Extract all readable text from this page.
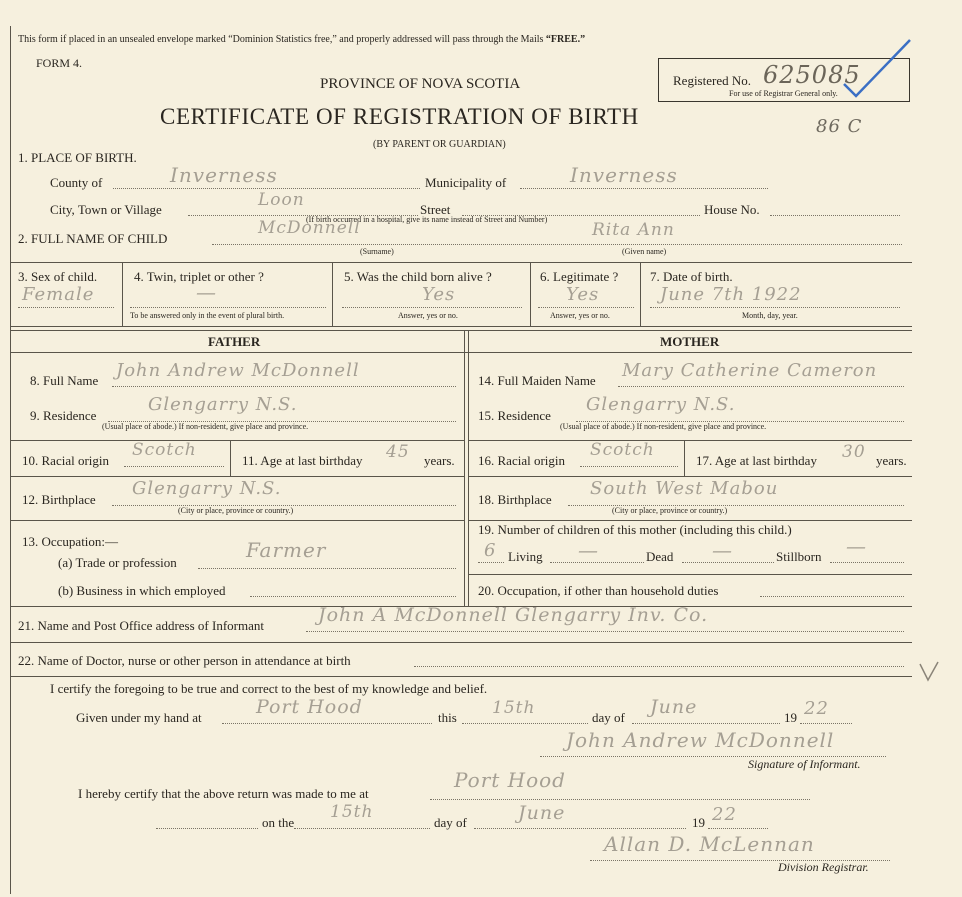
This form if placed in an unsealed envelope marked “Dominion Statistics free,” and properly addressed will pass through the Mails “FREE.”
FORM 4.
PROVINCE OF NOVA SCOTIA
CERTIFICATE OF REGISTRATION OF BIRTH
(BY PARENT OR GUARDIAN)
Registered No. 625085
For use of Registrar General only.
86 C
1. PLACE OF BIRTH.
County of	Inverness	Municipality of	Inverness
City, Town or Village	Loon	Street	House No.
(If birth occurred in a hospital, give its name instead of Street and Number)
2. FULL NAME OF CHILD
McDonnell	Rita Ann
(Surname)	(Given name)
3. Sex of child.
Female
4. Twin, triplet or other ?
—
To be answered only in the event of plural birth.
5. Was the child born alive ?
Yes
Answer, yes or no.
6. Legitimate ?
Yes
Answer, yes or no.
7. Date of birth.
June 7th 1922
Month, day, year.
FATHER	MOTHER
8. Full Name John Andrew McDonnell
9. Residence
Glengarry N.S.
(Usual place of abode.) If non-resident, give place and province.
10. Racial origin
Scotch
11. Age at last birthday 45 years.
12. Birthplace
Glengarry N.S.
(City or place, province or country.)
13. Occupation:—
(a) Trade or profession
Farmer
(b) Business in which employed
14. Full Maiden Name Mary Catherine Cameron
15. Residence
Glengarry N.S.
(Usual place of abode.) If non-resident, give place and province.
16. Racial origin
Scotch
17. Age at last birthday 30 years.
18. Birthplace
South West Mabou
(City or place, province or country.)
19. Number of children of this mother (including this child.)
6 Living —	Dead —	Stillborn —
20. Occupation, if other than household duties
21. Name and Post Office address of Informant	John A McDonnell Glengarry Inv. Co.
22. Name of Doctor, nurse or other person in attendance at birth
I certify the foregoing to be true and correct to the best of my knowledge and belief.
Given under my hand at	Port Hood	this 15th	day of June	19 22
John Andrew McDonnell
Signature of Informant.
I hereby certify that the above return was made to me at
Port Hood
on the
15th
day of	June	19 22
Allan D. McLennan
Division Registrar.
